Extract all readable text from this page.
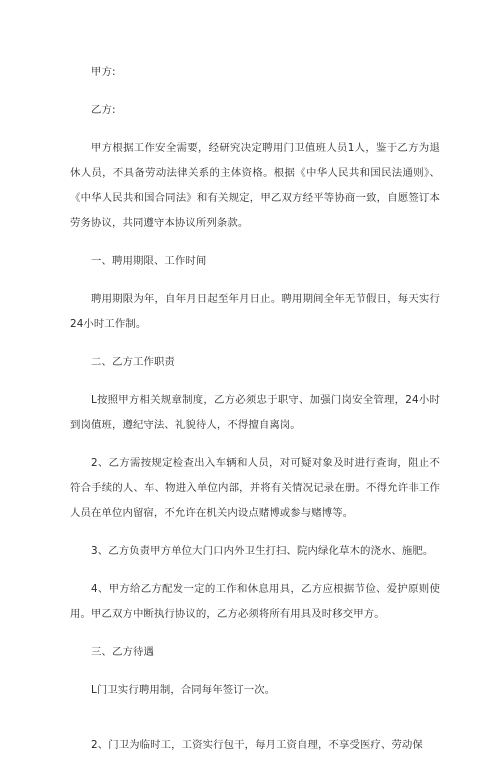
甲方:

乙方:

甲方根据工作安全需要，经研究决定聘用门卫值班人员1人，鉴于乙方为退休人员，不具备劳动法律关系的主体资格。根据《中华人民共和国民法通则》、《中华人民共和国合同法》和有关规定，甲乙双方经平等协商一致，自愿签订本劳务协议，共同遵守本协议所列条款。

一、聘用期限、工作时间

聘用期限为年，自年月日起至年月日止。聘用期间全年无节假日，每天实行24小时工作制。

二、乙方工作职责

L按照甲方相关规章制度，乙方必须忠于职守、加强门岗安全管理，24小时到岗值班，遵纪守法、礼貌待人，不得擅自离岗。

2、乙方需按规定检查出入车辆和人员，对可疑对象及时进行查询，阻止不符合手续的人、车、物进入单位内部，并将有关情况记录在册。不得允许非工作人员在单位内留宿，不允许在机关内设点赌博或参与赌博等。

3、乙方负责甲方单位大门口内外卫生打扫、院内绿化草木的浇水、施肥。

4、甲方给乙方配发一定的工作和休息用具，乙方应根据节俭、爱护原则使用。甲乙双方中断执行协议的，乙方必须将所有用具及时移交甲方。

三、乙方待遇

L门卫实行聘用制，合同每年签订一次。

2、门卫为临时工，工资实行包干，每月工资自理，不享受医疗、劳动保
